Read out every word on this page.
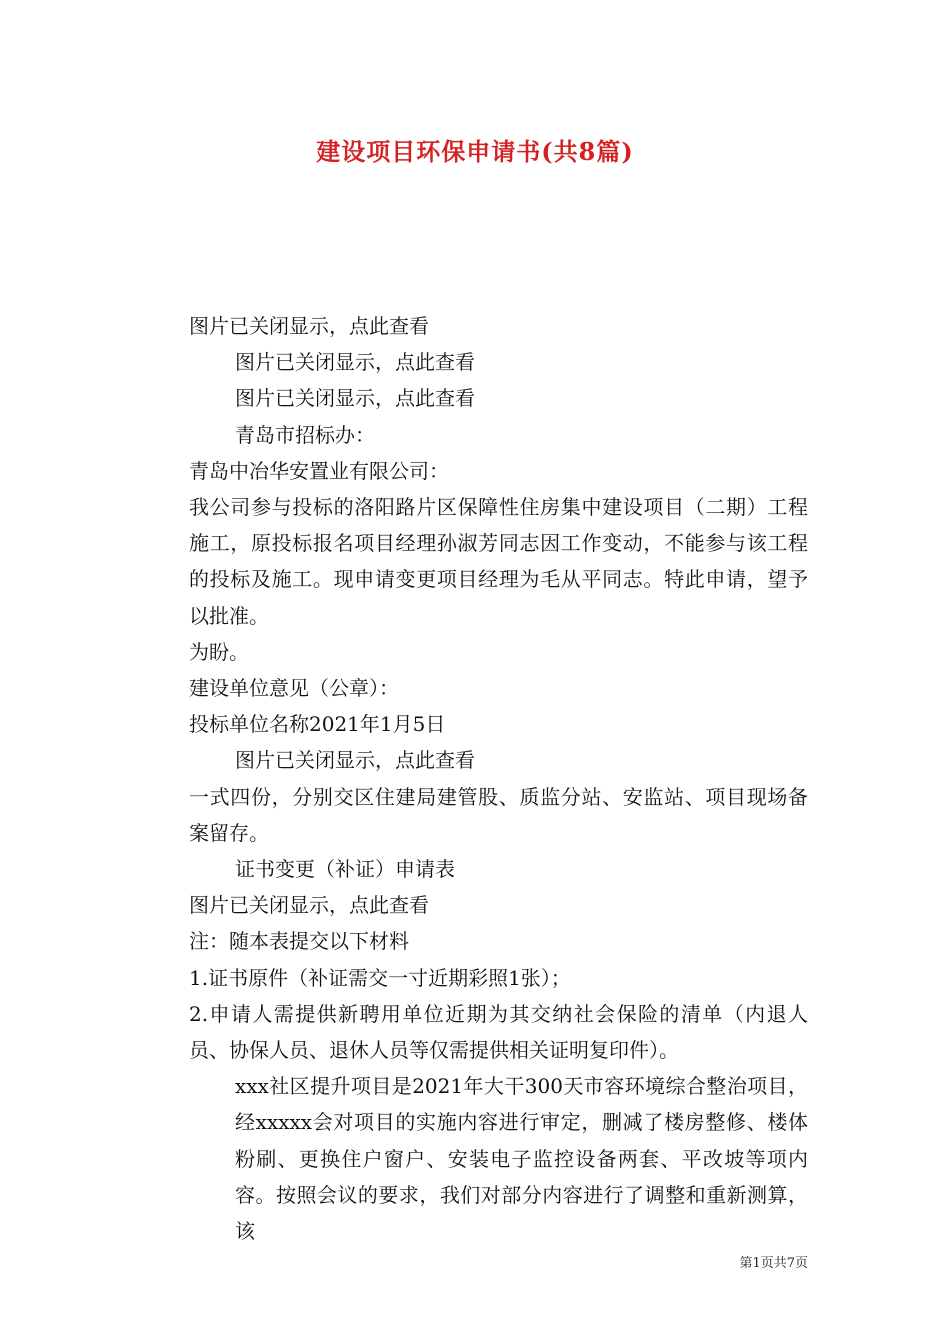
建设项目环保申请书(共8篇)

图片已关闭显示，点此查看

图片已关闭显示，点此查看

图片已关闭显示，点此查看

青岛市招标办：

青岛中冶华安置业有限公司：

我公司参与投标的洛阳路片区保障性住房集中建设项目（二期）工程施工，原投标报名项目经理孙淑芳同志因工作变动，不能参与该工程的投标及施工。现申请变更项目经理为毛从平同志。特此申请，望予以批准。

为盼。

建设单位意见（公章）：

投标单位名称2021年1月5日

图片已关闭显示，点此查看

一式四份，分别交区住建局建管股、质监分站、安监站、项目现场备案留存。

证书变更（补证）申请表

图片已关闭显示，点此查看

注：随本表提交以下材料

1.证书原件（补证需交一寸近期彩照1张）；

2.申请人需提供新聘用单位近期为其交纳社会保险的清单（内退人员、协保人员、退休人员等仅需提供相关证明复印件）。

xxx社区提升项目是2021年大干300天市容环境综合整治项目，经xxxxx会对项目的实施内容进行审定，删减了楼房整修、楼体粉刷、更换住户窗户、安装电子监控设备两套、平改坡等项内容。按照会议的要求，我们对部分内容进行了调整和重新测算，该

第1页共7页
